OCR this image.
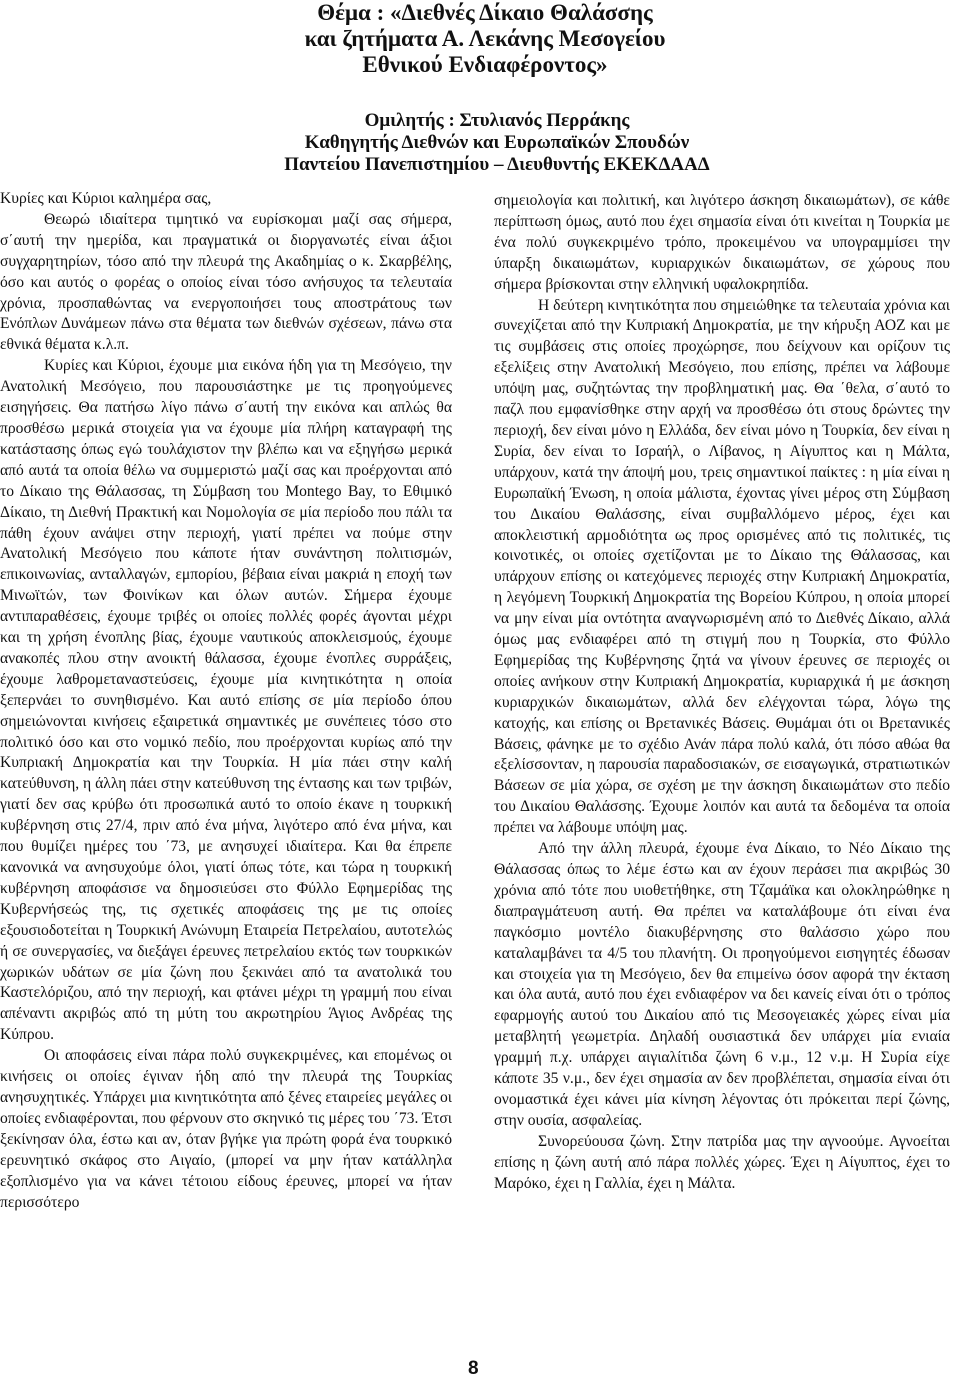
Θέμα : «Διεθνές Δίκαιο Θαλάσσης
και ζητήματα Α. Λεκάνης Μεσογείου
Εθνικού Ενδιαφέροντος»
Ομιλητής : Στυλιανός Περράκης
Καθηγητής Διεθνών και Ευρωπαϊκών Σπουδών
Παντείου Πανεπιστημίου – Διευθυντής ΕΚΕΚΔΑΑΔ

Κυρίες και Κύριοι καλημέρα σας,

Θεωρώ ιδιαίτερα τιμητικό να ευρίσκομαι μαζί σας σήμερα, σ΄αυτή την ημερίδα, και πραγματικά οι διοργανωτές είναι άξιοι συγχαρητηρίων, τόσο από την πλευρά της Ακαδημίας ο κ. Σκαρβέλης, όσο και αυτός ο φορέας ο οποίος είναι τόσο ανήσυχος τα τελευταία χρόνια, προσπαθώντας να ενεργοποιήσει τους αποστράτους των Ενόπλων Δυνάμεων πάνω στα θέματα των διεθνών σχέσεων, πάνω στα εθνικά θέματα κ.λ.π.

Κυρίες και Κύριοι, έχουμε μια εικόνα ήδη για τη Μεσόγειο, την Ανατολική Μεσόγειο, που παρουσιάστηκε με τις προηγούμενες εισηγήσεις. Θα πατήσω λίγο πάνω σ΄αυτή την εικόνα και απλώς θα προσθέσω μερικά στοιχεία για να έχουμε μία πλήρη καταγραφή της κατάστασης όπως εγώ τουλάχιστον την βλέπω και να εξηγήσω μερικά από αυτά τα οποία θέλω να συμμεριστώ μαζί σας και προέρχονται από το Δίκαιο της Θάλασσας, τη Σύμβαση του Montego Bay, το Εθιμικό Δίκαιο, τη Διεθνή Πρακτική και Νομολογία σε μία περίοδο που πάλι τα πάθη έχουν ανάψει στην περιοχή, γιατί πρέπει να πούμε στην Ανατολική Μεσόγειο που κάποτε ήταν συνάντηση πολιτισμών, επικοινωνίας, ανταλλαγών, εμπορίου, βέβαια είναι μακριά η εποχή των Μινωϊτών, των Φοινίκων και όλων αυτών. Σήμερα έχουμε αντιπαραθέσεις, έχουμε τριβές οι οποίες πολλές φορές άγονται μέχρι και τη χρήση ένοπλης βίας, έχουμε ναυτικούς αποκλεισμούς, έχουμε ανακοπές πλου στην ανοικτή θάλασσα, έχουμε ένοπλες συρράξεις, έχουμε λαθρομεταναστεύσεις, έχουμε μία κινητικότητα η οποία ξεπερνάει το συνηθισμένο. Και αυτό επίσης σε μία περίοδο όπου σημειώνονται κινήσεις εξαιρετικά σημαντικές με συνέπειες τόσο στο πολιτικό όσο και στο νομικό πεδίο, που προέρχονται κυρίως από την Κυπριακή Δημοκρατία και την Τουρκία. Η μία πάει στην καλή κατεύθυνση, η άλλη πάει στην κατεύθυνση της έντασης και των τριβών, γιατί δεν σας κρύβω ότι προσωπικά αυτό το οποίο έκανε η τουρκική κυβέρνηση στις 27/4, πριν από ένα μήνα, λιγότερο από ένα μήνα, και που θυμίζει ημέρες του ΄73, με ανησυχεί ιδιαίτερα. Και θα έπρεπε κανονικά να ανησυχούμε όλοι, γιατί όπως τότε, και τώρα η τουρκική κυβέρνηση αποφάσισε να δημοσιεύσει στο Φύλλο Εφημερίδας της Κυβερνήσεώς της, τις σχετικές αποφάσεις της με τις οποίες εξουσιοδοτείται η Τουρκική Ανώνυμη Εταιρεία Πετρελαίου, αυτοτελώς ή σε συνεργασίες, να διεξάγει έρευνες πετρελαίου εκτός των τουρκικών χωρικών υδάτων σε μία ζώνη που ξεκινάει από τα ανατολικά του Καστελόριζου, από την περιοχή, και φτάνει μέχρι τη γραμμή που είναι απέναντι ακριβώς από τη μύτη του ακρωτηρίου Άγιος Ανδρέας της Κύπρου.

Οι αποφάσεις είναι πάρα πολύ συγκεκριμένες, και επομένως οι κινήσεις οι οποίες έγιναν ήδη από την πλευρά της Τουρκίας ανησυχητικές. Υπάρχει μια κινητικότητα από ξένες εταιρείες μεγάλες οι οποίες ενδιαφέρονται, που φέρνουν στο σκηνικό τις μέρες του ΄73. Έτσι ξεκίνησαν όλα, έστω και αν, όταν βγήκε για πρώτη φορά ένα τουρκικό ερευνητικό σκάφος στο Αιγαίο, (μπορεί να μην ήταν κατάλληλα εξοπλισμένο για να κάνει τέτοιου είδους έρευνες, μπορεί να ήταν περισσότερο

σημειολογία και πολιτική, και λιγότερο άσκηση δικαιωμάτων), σε κάθε περίπτωση όμως, αυτό που έχει σημασία είναι ότι κινείται η Τουρκία με ένα πολύ συγκεκριμένο τρόπο, προκειμένου να υπογραμμίσει την ύπαρξη δικαιωμάτων, κυριαρχικών δικαιωμάτων, σε χώρους που σήμερα βρίσκονται στην ελληνική υφαλοκρηπίδα.

Η δεύτερη κινητικότητα που σημειώθηκε τα τελευταία χρόνια και συνεχίζεται από την Κυπριακή Δημοκρατία, με την κήρυξη ΑΟΖ και με τις συμβάσεις στις οποίες προχώρησε, που δείχνουν και ορίζουν τις εξελίξεις στην Ανατολική Μεσόγειο, που επίσης, πρέπει να λάβουμε υπόψη μας, συζητώντας την προβληματική μας. Θα ΄θελα, σ΄αυτό το παζλ που εμφανίσθηκε στην αρχή να προσθέσω ότι στους δρώντες την περιοχή, δεν είναι μόνο η Ελλάδα, δεν είναι μόνο η Τουρκία, δεν είναι η Συρία, δεν είναι το Ισραήλ, ο Λίβανος, η Αίγυπτος και η Μάλτα, υπάρχουν, κατά την άποψή μου, τρεις σημαντικοί παίκτες : η μία είναι η Ευρωπαϊκή Ένωση, η οποία μάλιστα, έχοντας γίνει μέρος στη Σύμβαση του Δικαίου Θαλάσσης, είναι συμβαλλόμενο μέρος, έχει και αποκλειστική αρμοδιότητα ως προς ορισμένες από τις πολιτικές, τις κοινοτικές, οι οποίες σχετίζονται με το Δίκαιο της Θάλασσας, και υπάρχουν επίσης οι κατεχόμενες περιοχές στην Κυπριακή Δημοκρατία, η λεγόμενη Τουρκική Δημοκρατία της Βορείου Κύπρου, η οποία μπορεί να μην είναι μία οντότητα αναγνωρισμένη από το Διεθνές Δίκαιο, αλλά όμως μας ενδιαφέρει από τη στιγμή που η Τουρκία, στο Φύλλο Εφημερίδας της Κυβέρνησης ζητά να γίνουν έρευνες σε περιοχές οι οποίες ανήκουν στην Κυπριακή Δημοκρατία, κυριαρχικά ή με άσκηση κυριαρχικών δικαιωμάτων, αλλά δεν ελέγχονται τώρα, λόγω της κατοχής, και επίσης οι Βρετανικές Βάσεις. Θυμάμαι ότι οι Βρετανικές Βάσεις, φάνηκε με το σχέδιο Ανάν πάρα πολύ καλά, ότι πόσο αθώα θα εξελίσσονταν, η παρουσία παραδοσιακών, σε εισαγωγικά, στρατιωτικών Βάσεων σε μία χώρα, σε σχέση με την άσκηση δικαιωμάτων στο πεδίο του Δικαίου Θαλάσσης. Έχουμε λοιπόν και αυτά τα δεδομένα τα οποία πρέπει να λάβουμε υπόψη μας.

Από την άλλη πλευρά, έχουμε ένα Δίκαιο, το Νέο Δίκαιο της Θάλασσας όπως το λέμε έστω και αν έχουν περάσει πια ακριβώς 30 χρόνια από τότε που υιοθετήθηκε, στη Τζαμάϊκα και ολοκληρώθηκε η διαπραγμάτευση αυτή. Θα πρέπει να καταλάβουμε ότι είναι ένα παγκόσμιο μοντέλο διακυβέρνησης στο θαλάσσιο χώρο που καταλαμβάνει τα 4/5 του πλανήτη. Οι προηγούμενοι εισηγητές έδωσαν και στοιχεία για τη Μεσόγειο, δεν θα επιμείνω όσον αφορά την έκταση και όλα αυτά, αυτό που έχει ενδιαφέρον να δει κανείς είναι ότι ο τρόπος εφαρμογής αυτού του Δικαίου από τις Μεσογειακές χώρες είναι μία μεταβλητή γεωμετρία. Δηλαδή ουσιαστικά δεν υπάρχει μία ενιαία γραμμή π.χ. υπάρχει αιγιαλίτιδα ζώνη 6 ν.μ., 12 ν.μ. Η Συρία είχε κάποτε 35 ν.μ., δεν έχει σημασία αν δεν προβλέπεται, σημασία είναι ότι ονομαστικά έχει κάνει μία κίνηση λέγοντας ότι πρόκειται περί ζώνης, στην ουσία, ασφαλείας.

Συνορεύουσα ζώνη. Στην πατρίδα μας την αγνοούμε. Αγνοείται επίσης η ζώνη αυτή από πάρα πολλές χώρες. Έχει η Αίγυπτος, έχει το Μαρόκο, έχει η Γαλλία, έχει η Μάλτα.

8
